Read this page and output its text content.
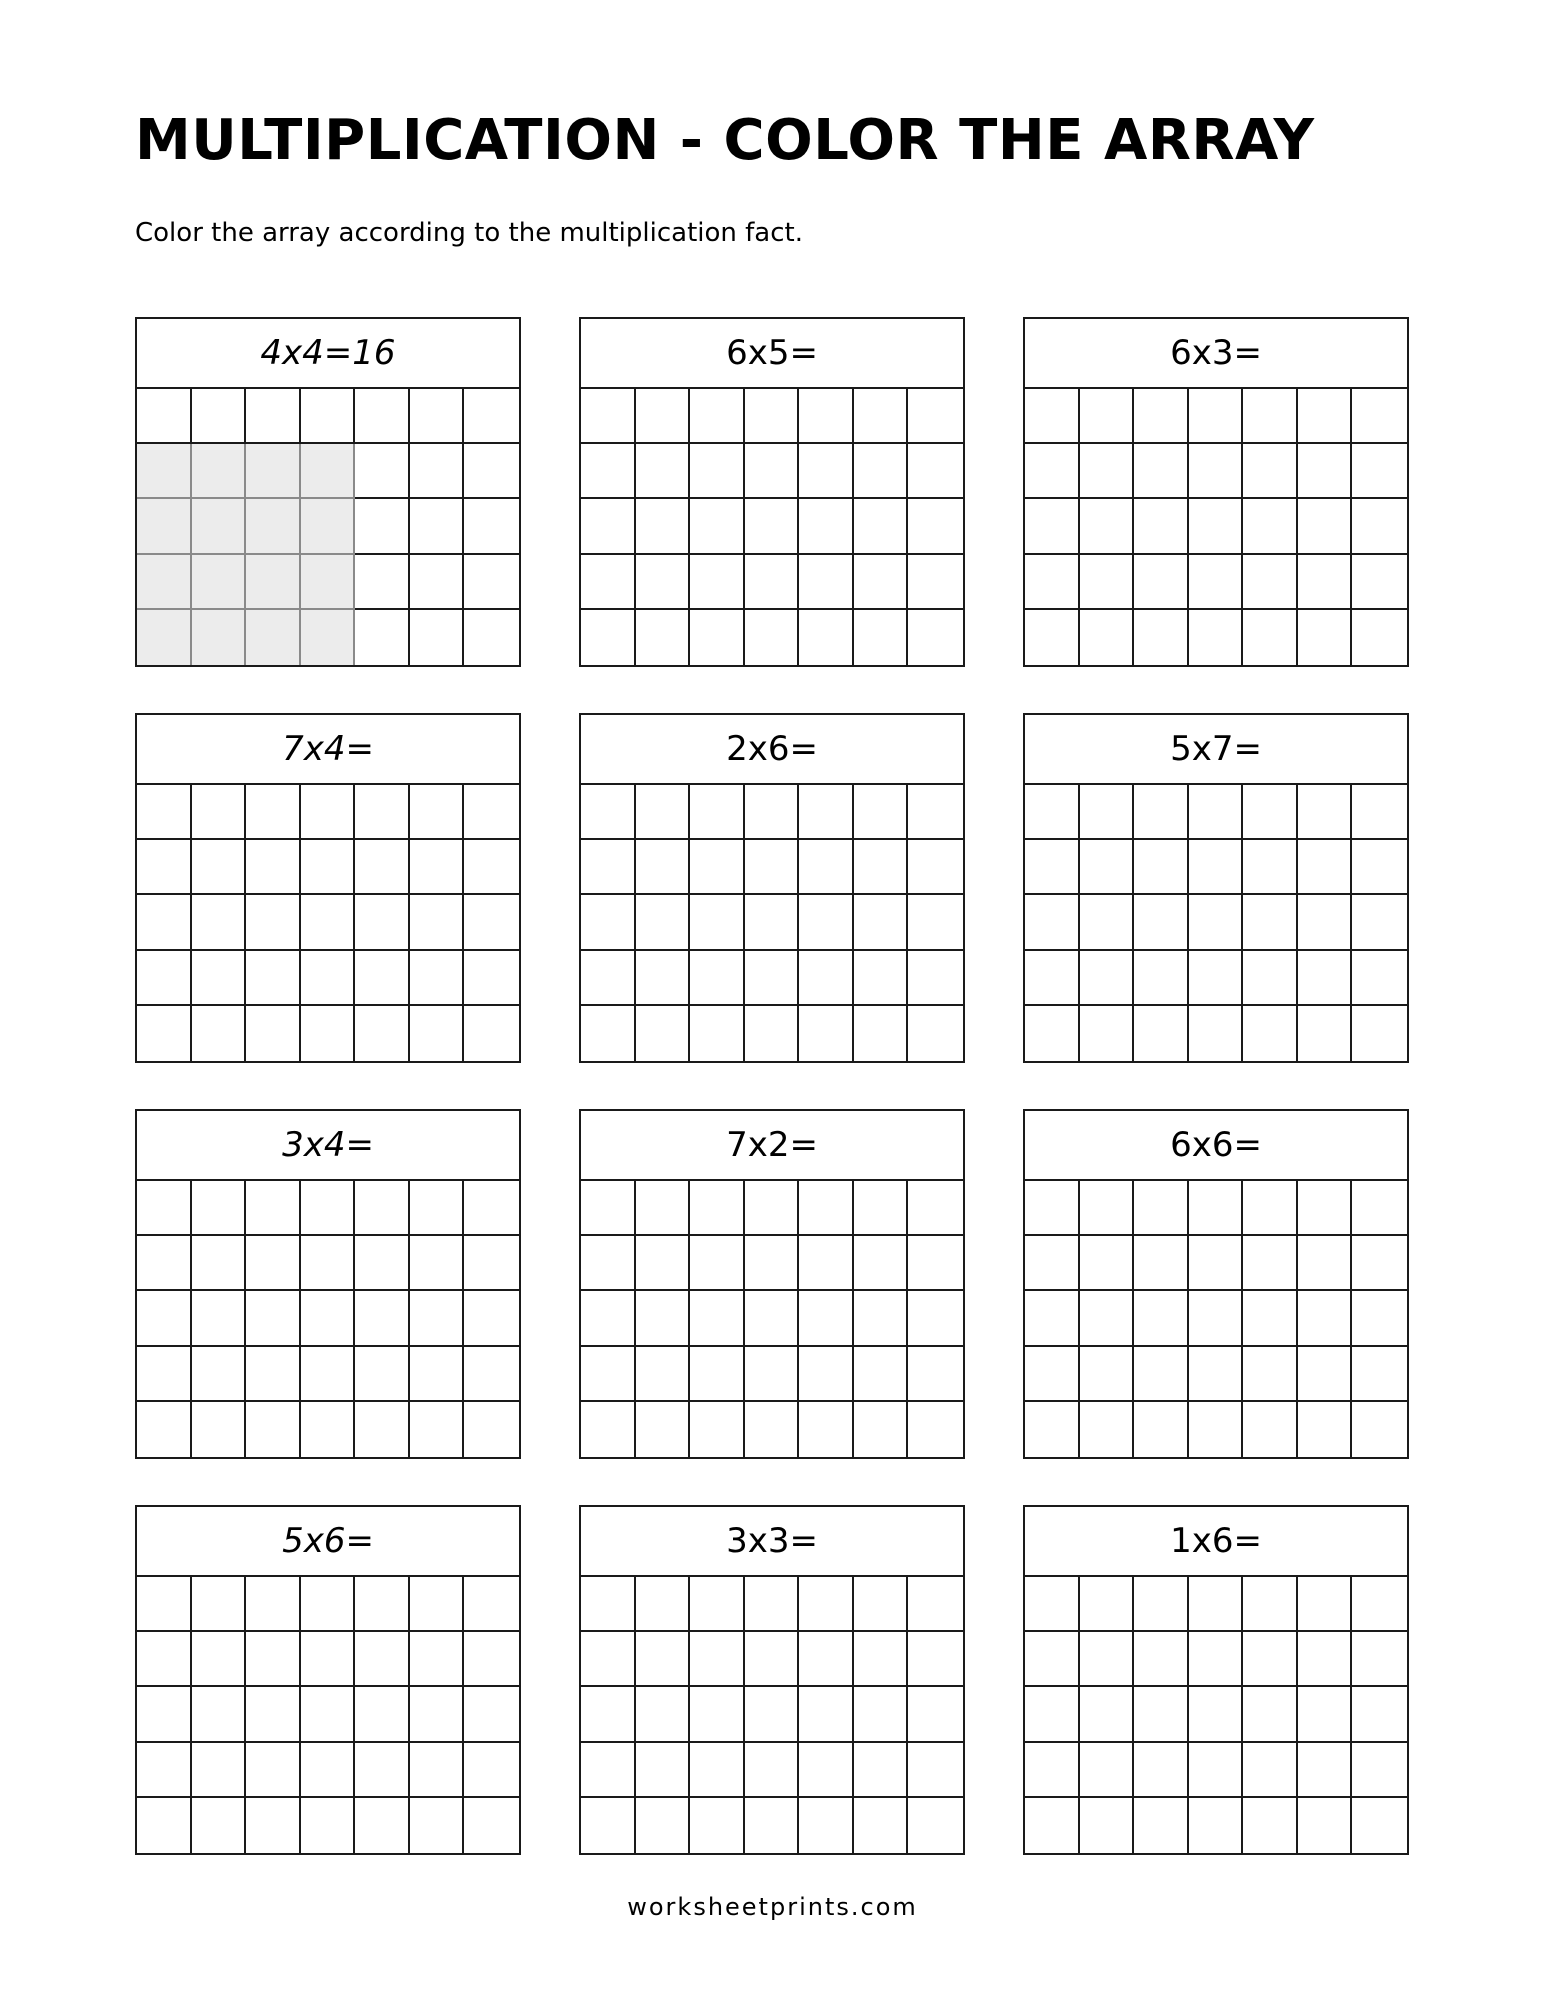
MULTIPLICATION - COLOR THE ARRAY

Color the array according to the multiplication fact.

4x4=16	6x5=	6x3=
7x4=	2x6=	5x7=
3x4=	7x2=	6x6=
5x6=	3x3=	1x6=
worksheetprints.com
